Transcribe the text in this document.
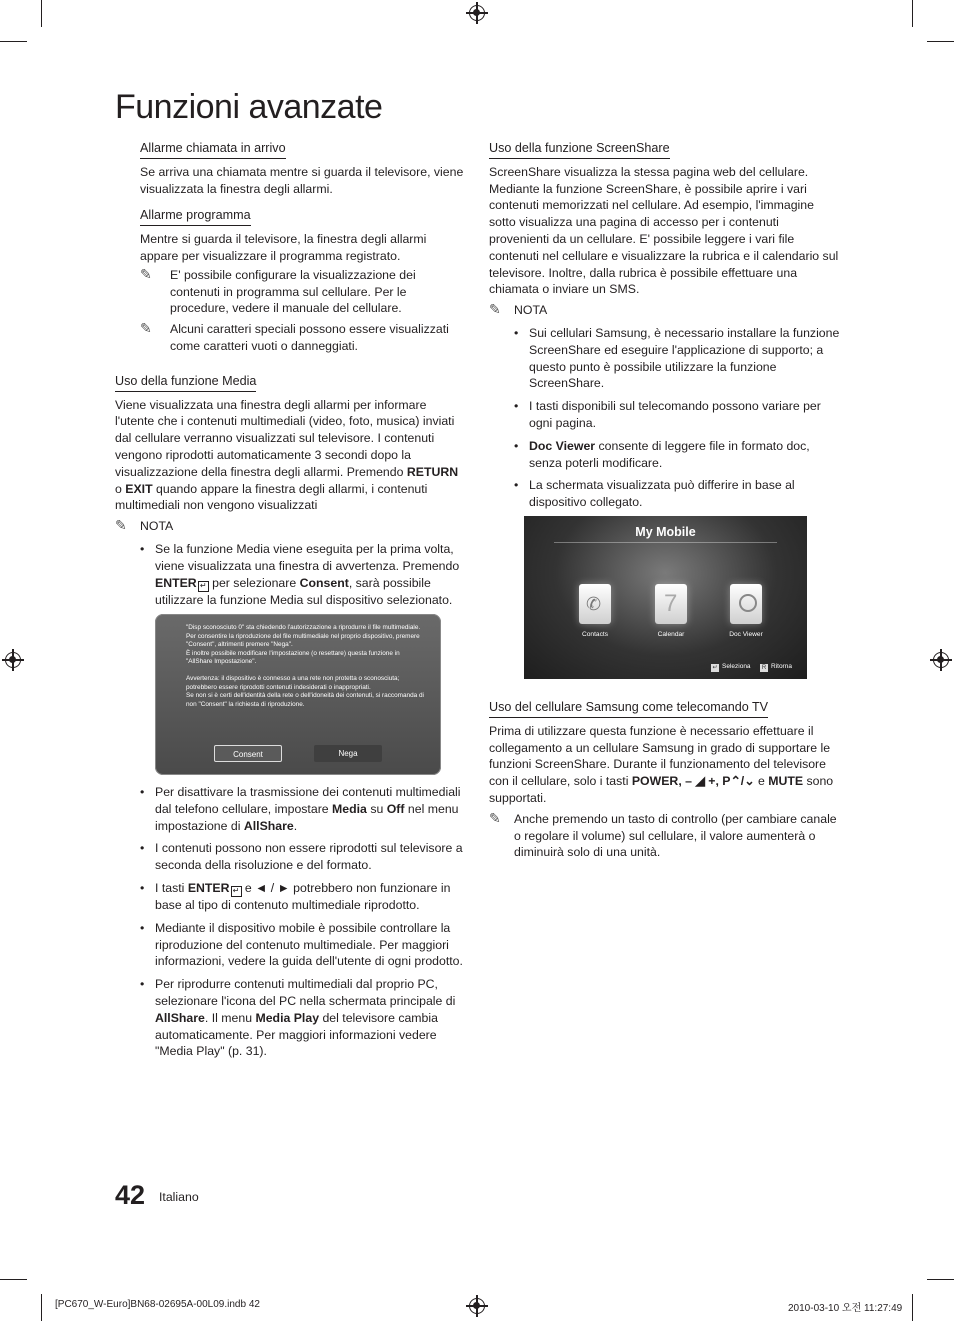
Funzioni avanzate
Allarme chiamata in arrivo

Se arriva una chiamata mentre si guarda il televisore, viene visualizzata la finestra degli allarmi.

Allarme programma

Mentre si guarda il televisore, la finestra degli allarmi appare per visualizzare il programma registrato.

✎ E' possibile configurare la visualizzazione dei contenuti in programma sul cellulare. Per le procedure, vedere il manuale del cellulare.
✎ Alcuni caratteri speciali possono essere visualizzati come caratteri vuoti o danneggiati.
Uso della funzione Media

Viene visualizzata una finestra degli allarmi per informare l'utente che i contenuti multimediali (video, foto, musica) inviati dal cellulare verranno visualizzati sul televisore. I contenuti vengono riprodotti automaticamente 3 secondi dopo la visualizzazione della finestra degli allarmi. Premendo RETURN o EXIT quando appare la finestra degli allarmi, i contenuti multimediali non vengono visualizzati

✎ NOTA
• Se la funzione Media viene eseguita per la prima volta, viene visualizzata una finestra di avvertenza. Premendo ENTER ↵ per selezionare Consent, sarà possibile utilizzare la funzione Media sul dispositivo selezionato.
"Disp sconosciuto 0" sta chiedendo l'autorizzazione a riprodurre il file multimediale.
Per consentire la riproduzione del file multimediale nel proprio dispositivo, premere "Consent", altrimenti premere "Nega".
È inoltre possibile modificare l'impostazione (o resettare) questa funzione in "AllShare Impostazione".

Avvertenza: il dispositivo è connesso a una rete non protetta o sconosciuta; potrebbero essere riprodotti contenuti indesiderati o inappropriati.
Se non si è certi dell'identità della rete o dell'idoneità dei contenuti, si raccomanda di non "Consent" la richiesta di riproduzione.
Consent	Nega
• Per disattivare la trasmissione dei contenuti multimediali dal telefono cellulare, impostare Media su Off nel menu impostazione di AllShare.
• I contenuti possono non essere riprodotti sul televisore a seconda della risoluzione e del formato.
• I tasti ENTER ↵ e ◄ / ► potrebbero non funzionare in base al tipo di contenuto multimediale riprodotto.
• Mediante il dispositivo mobile è possibile controllare la riproduzione del contenuto multimediale. Per maggiori informazioni, vedere la guida dell'utente di ogni prodotto.
• Per riprodurre contenuti multimediali dal proprio PC, selezionare l'icona del PC nella schermata principale di AllShare. Il menu Media Play del televisore cambia automaticamente. Per maggiori informazioni vedere "Media Play" (p. 31).
Uso della funzione ScreenShare

ScreenShare visualizza la stessa pagina web del cellulare. Mediante la funzione ScreenShare, è possibile aprire i vari contenuti memorizzati nel cellulare. Ad esempio, l'immagine sotto visualizza una pagina di accesso per i contenuti provenienti da un cellulare. E' possibile leggere i vari file contenuti nel cellulare e visualizzare la rubrica e il calendario sul televisore. Inoltre, dalla rubrica è possibile effettuare una chiamata o inviare un SMS.

✎ NOTA
• Sui cellulari Samsung, è necessario installare la funzione ScreenShare ed eseguire l'applicazione di supporto; a questo punto è possibile utilizzare la funzione ScreenShare.
• I tasti disponibili sul telecomando possono variare per ogni pagina.
• Doc Viewer consente di leggere file in formato doc, senza poterli modificare.
• La schermata visualizzata può differire in base al dispositivo collegato.
My Mobile
✆	7
Contacts	Calendar	Doc Viewer
↵ Seleziona	R Ritorna
Uso del cellulare Samsung come telecomando TV

Prima di utilizzare questa funzione è necessario effettuare il collegamento a un cellulare Samsung in grado di supportare le funzioni ScreenShare. Durante il funzionamento del televisore con il cellulare, solo i tasti POWER, – ◢ +, P⌃/⌄ e MUTE sono supportati.

✎ Anche premendo un tasto di controllo (per cambiare canale o regolare il volume) sul cellulare, il valore aumenterà o diminuirà solo di una unità.
42 Italiano
[PC670_W-Euro]BN68-02695A-00L09.indb 42	2010-03-10 오전 11:27:49
